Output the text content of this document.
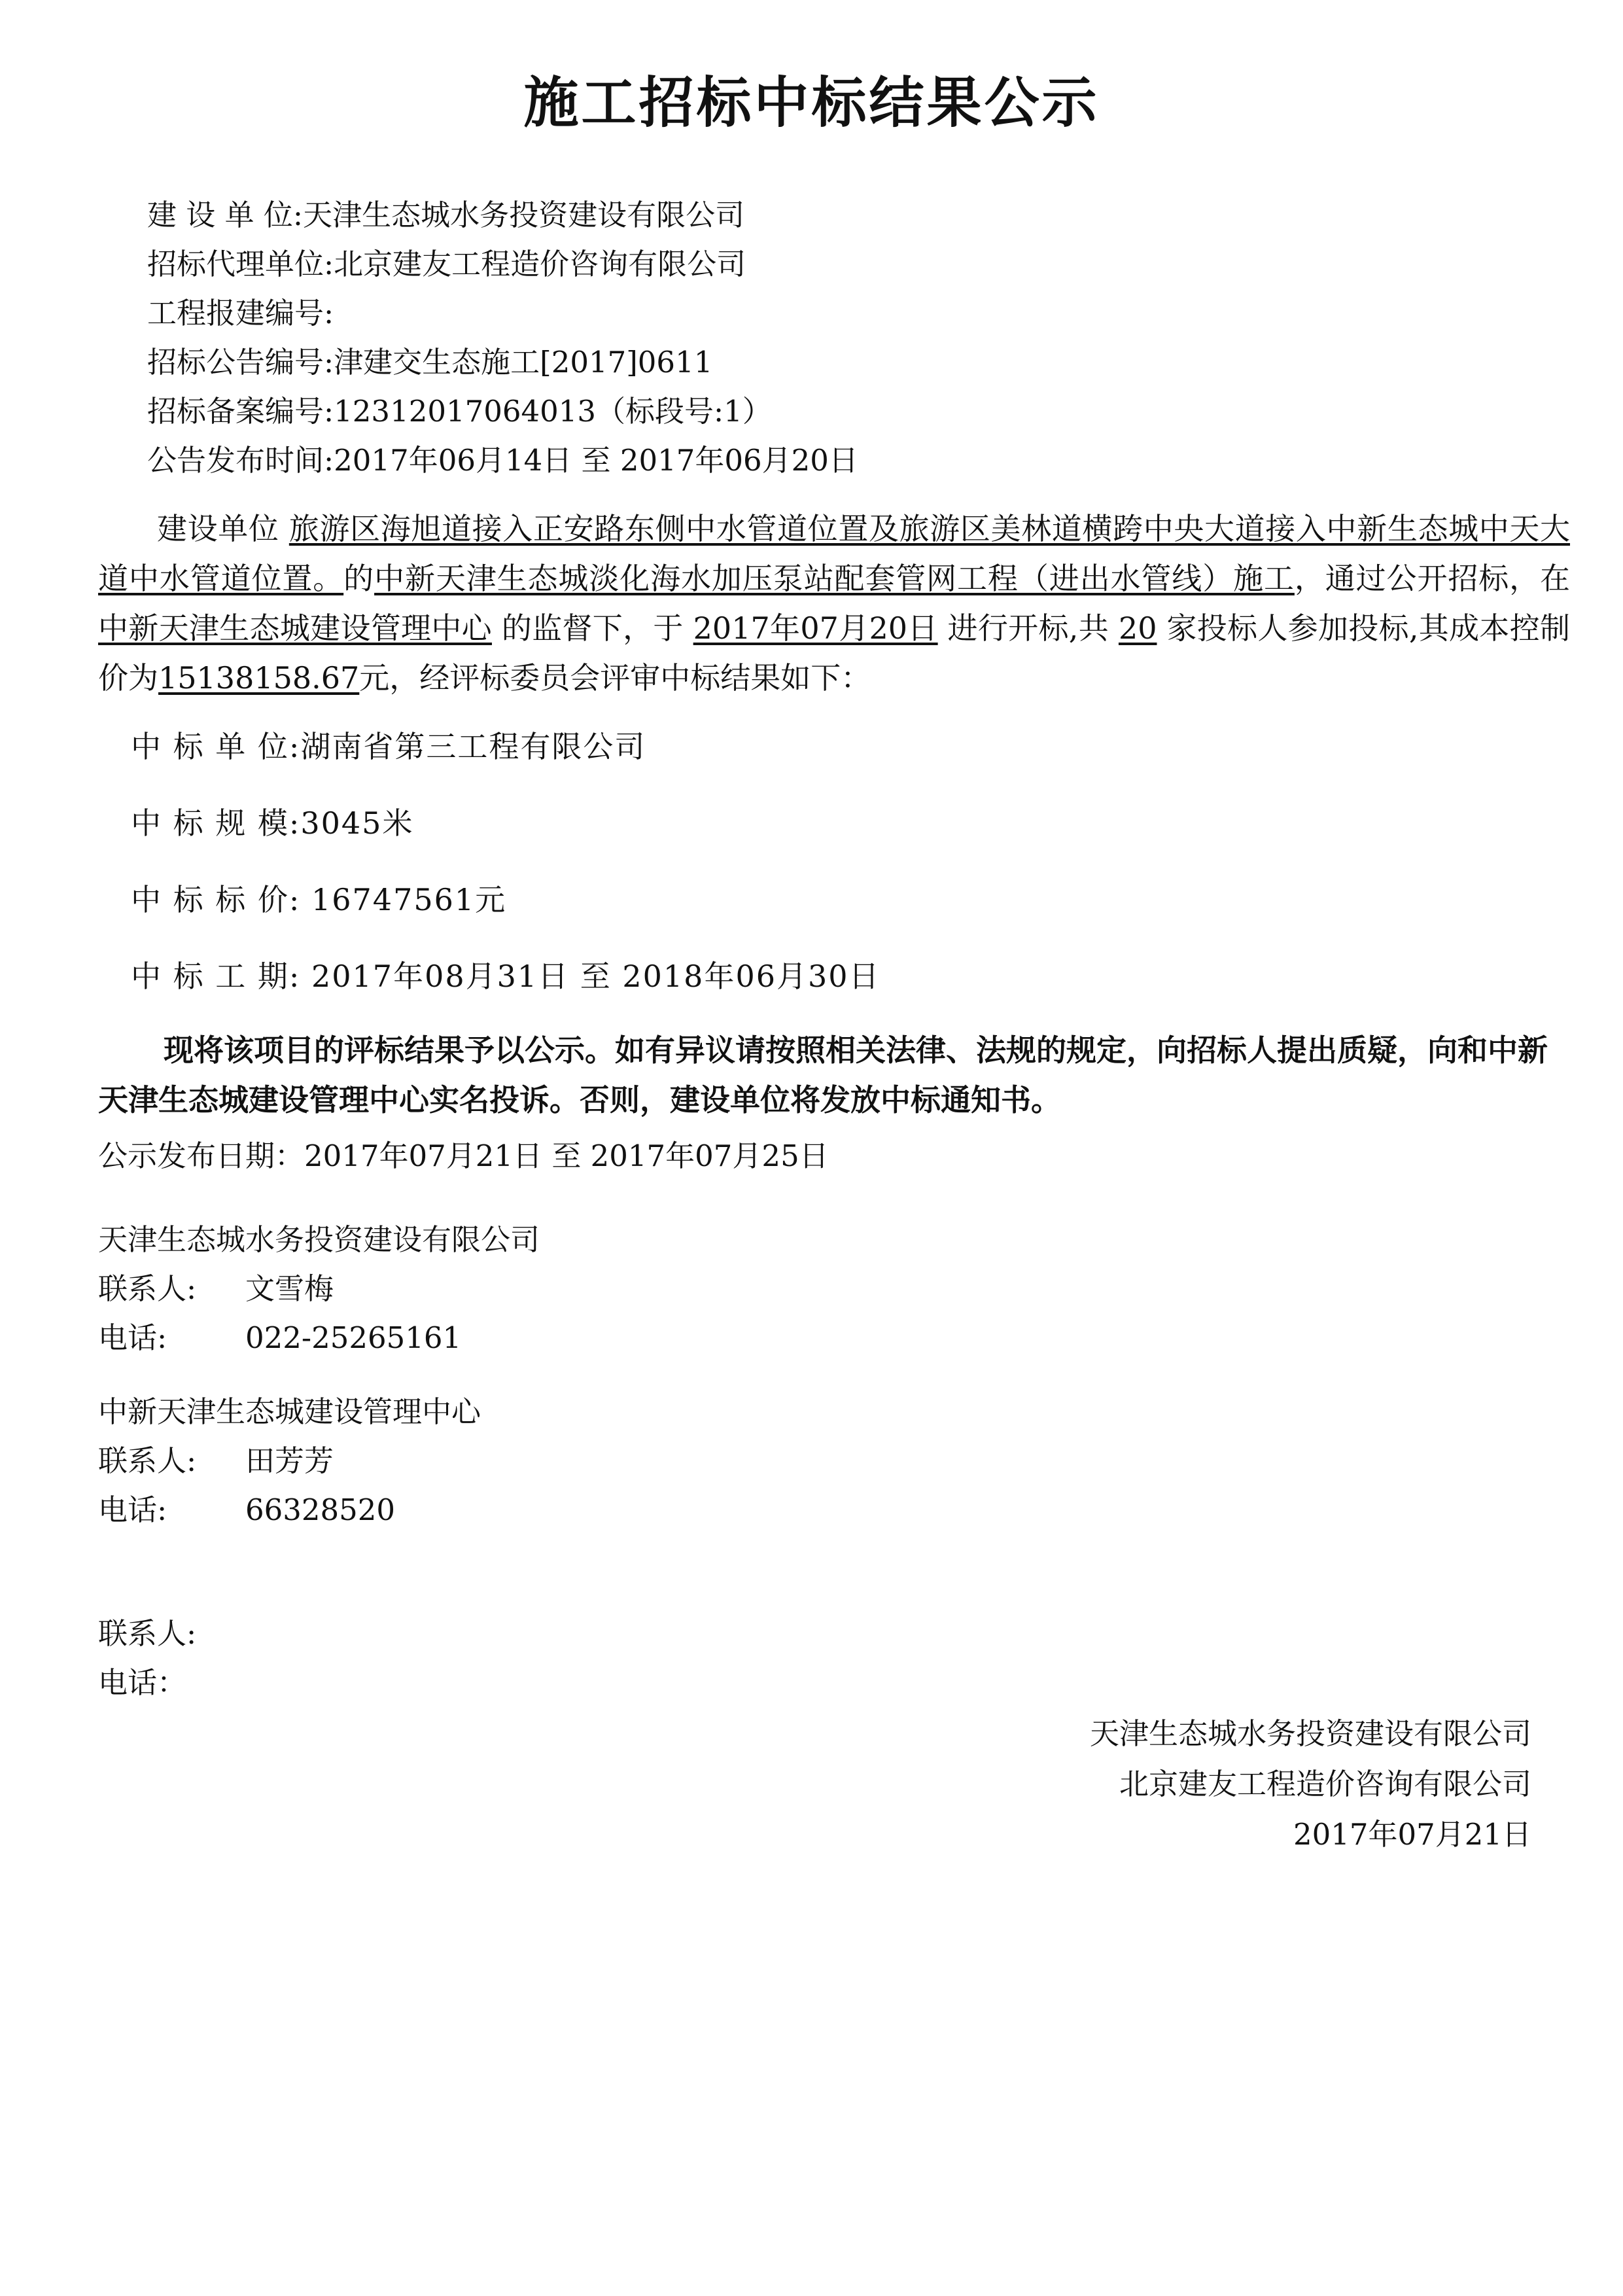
施工招标中标结果公示
建 设 单 位:天津生态城水务投资建设有限公司
招标代理单位:北京建友工程造价咨询有限公司
工程报建编号:
招标公告编号:津建交生态施工[2017]0611
招标备案编号:12312017064013（标段号:1）
公告发布时间:2017年06月14日 至 2017年06月20日
建设单位 旅游区海旭道接入正安路东侧中水管道位置及旅游区美林道横跨中央大道接入中新生态城中天大道中水管道位置。的中新天津生态城淡化海水加压泵站配套管网工程（进出水管线）施工，通过公开招标，在 中新天津生态城建设管理中心 的监督下，于 2017年07月20日 进行开标,共 20 家投标人参加投标,其成本控制价为15138158.67元，经评标委员会评审中标结果如下：
中 标 单 位:湖南省第三工程有限公司
中 标 规 模:3045米
中 标 标 价: 16747561元
中 标 工 期: 2017年08月31日 至 2018年06月30日
现将该项目的评标结果予以公示。如有异议请按照相关法律、法规的规定，向招标人提出质疑，向和中新天津生态城建设管理中心实名投诉。否则，建设单位将发放中标通知书。
公示发布日期：2017年07月21日 至 2017年07月25日
天津生态城水务投资建设有限公司
联系人: 文雪梅
电话:	022-25265161
中新天津生态城建设管理中心
联系人: 田芳芳
电话:	66328520
联系人:
电话：
天津生态城水务投资建设有限公司
北京建友工程造价咨询有限公司
2017年07月21日
